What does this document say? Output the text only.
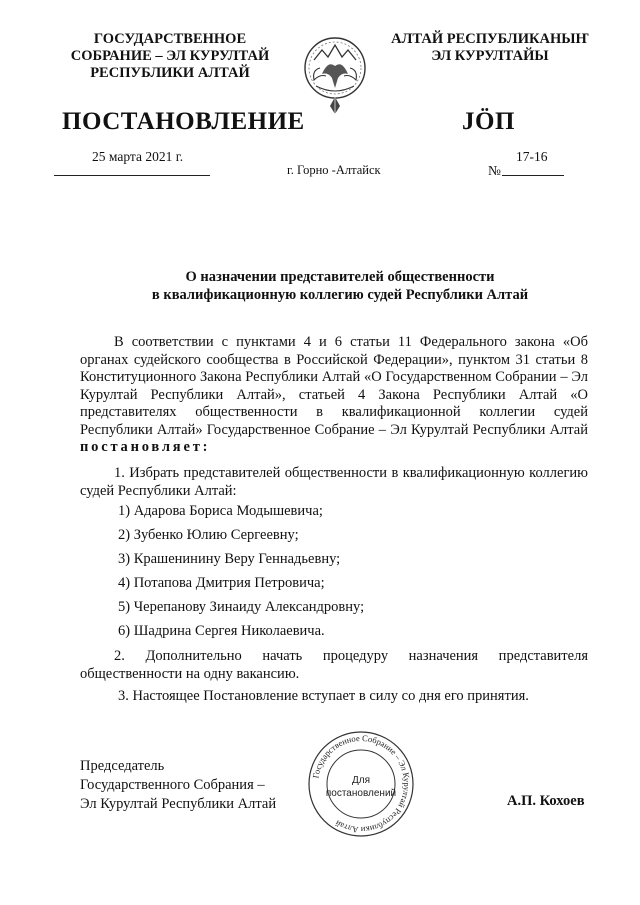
ГОСУДАРСТВЕННОЕ
СОБРАНИЕ – ЭЛ КУРУЛТАЙ
РЕСПУБЛИКИ АЛТАЙ
АЛТАЙ РЕСПУБЛИКАНЫҤ
ЭЛ КУРУЛТАЙЫ
ПОСТАНОВЛЕНИЕ	JӦП
25 марта 2021 г.
г. Горно -Алтайск
17-16
№
О назначении представителей общественности
в квалификационную коллегию судей Республики Алтай
В соответствии с пунктами 4 и 6 статьи 11 Федерального закона «Об органах судейского сообщества в Российской Федерации», пунктом 31 статьи 8 Конституционного Закона Республики Алтай «О Государственном Собрании – Эл Курултай Республики Алтай», статьей 4 Закона Республики Алтай «О представителях общественности в квалификационной коллегии судей Республики Алтай» Государственное Собрание – Эл Курултай Республики Алтай постановляет:
1. Избрать представителей общественности в квалификационную коллегию судей Республики Алтай:
1) Адарова Бориса Модышевича;
2) Зубенко Юлию Сергеевну;
3) Крашенинину Веру Геннадьевну;
4) Потапова Дмитрия Петровича;
5) Черепанову Зинаиду Александровну;
6) Шадрина Сергея Николаевича.
2. Дополнительно начать процедуру назначения представителя общественности на одну вакансию.
3. Настоящее Постановление вступает в силу со дня его принятия.
Председатель
Государственного Собрания –
Эл Курултай Республики Алтай
Государственное Собрание – Эл Курултай Республики Алтай
Для
постановлений	А.П. Кохоев
